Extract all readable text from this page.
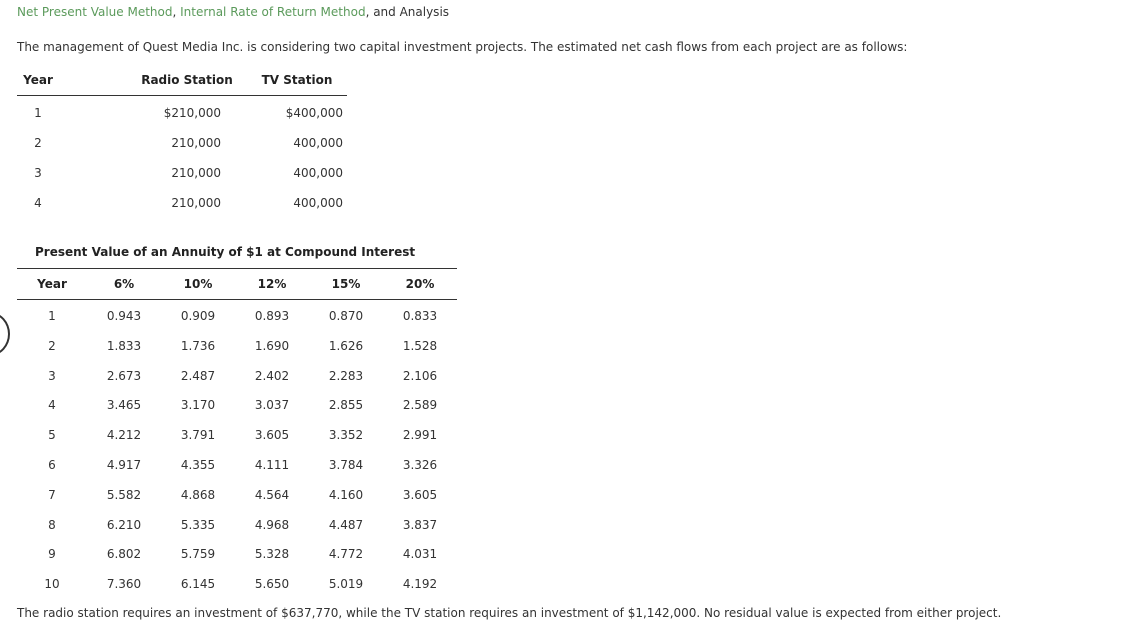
Net Present Value Method, Internal Rate of Return Method, and Analysis
The management of Quest Media Inc. is considering two capital investment projects. The estimated net cash flows from each project are as follows:
Year	Radio Station	TV Station
1	$210,000	$400,000
2	210,000	400,000
3	210,000	400,000
4	210,000	400,000
Present Value of an Annuity of $1 at Compound Interest
Year	6%	10%	12%	15%	20%
1	0.943	0.909	0.893	0.870	0.833
2	1.833	1.736	1.690	1.626	1.528
3	2.673	2.487	2.402	2.283	2.106
4	3.465	3.170	3.037	2.855	2.589
5	4.212	3.791	3.605	3.352	2.991
6	4.917	4.355	4.111	3.784	3.326
7	5.582	4.868	4.564	4.160	3.605
8	6.210	5.335	4.968	4.487	3.837
9	6.802	5.759	5.328	4.772	4.031
10	7.360	6.145	5.650	5.019	4.192
The radio station requires an investment of $637,770, while the TV station requires an investment of $1,142,000. No residual value is expected from either project.
